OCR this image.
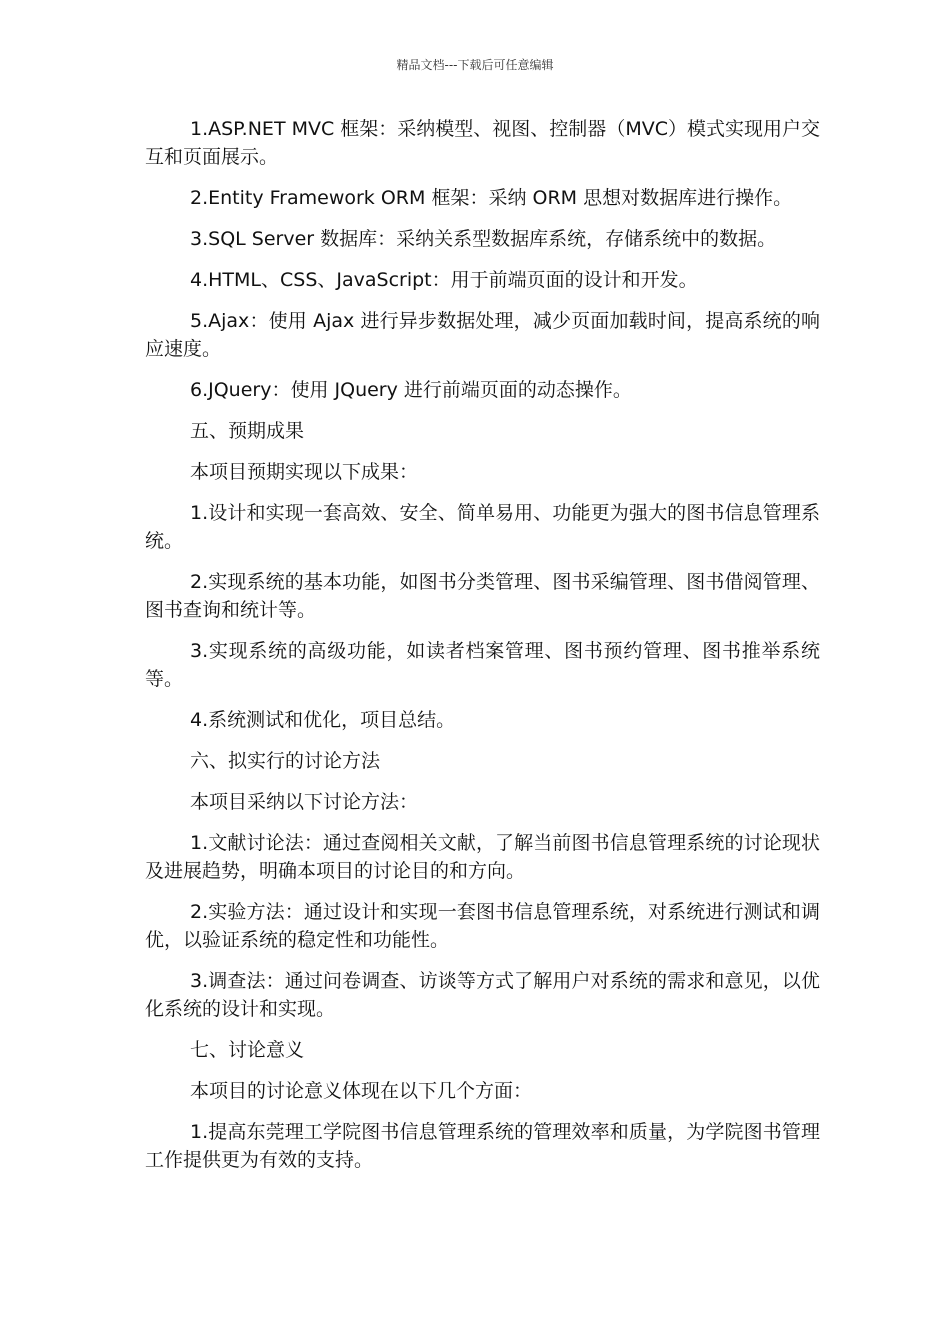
精品文档---下载后可任意编辑

1.ASP.NET MVC 框架：采纳模型、视图、控制器（MVC）模式实现用户交互和页面展示。

2.Entity Framework ORM 框架：采纳 ORM 思想对数据库进行操作。

3.SQL Server 数据库：采纳关系型数据库系统，存储系统中的数据。

4.HTML、CSS、JavaScript：用于前端页面的设计和开发。

5.Ajax：使用 Ajax 进行异步数据处理，减少页面加载时间，提高系统的响应速度。

6.JQuery：使用 JQuery 进行前端页面的动态操作。

五、预期成果

本项目预期实现以下成果：

1.设计和实现一套高效、安全、简单易用、功能更为强大的图书信息管理系统。

2.实现系统的基本功能，如图书分类管理、图书采编管理、图书借阅管理、图书查询和统计等。

3.实现系统的高级功能，如读者档案管理、图书预约管理、图书推举系统等。

4.系统测试和优化，项目总结。

六、拟实行的讨论方法

本项目采纳以下讨论方法：

1.文献讨论法：通过查阅相关文献，了解当前图书信息管理系统的讨论现状及进展趋势，明确本项目的讨论目的和方向。

2.实验方法：通过设计和实现一套图书信息管理系统，对系统进行测试和调优，以验证系统的稳定性和功能性。

3.调查法：通过问卷调查、访谈等方式了解用户对系统的需求和意见，以优化系统的设计和实现。

七、讨论意义

本项目的讨论意义体现在以下几个方面：

1.提高东莞理工学院图书信息管理系统的管理效率和质量，为学院图书管理工作提供更为有效的支持。
